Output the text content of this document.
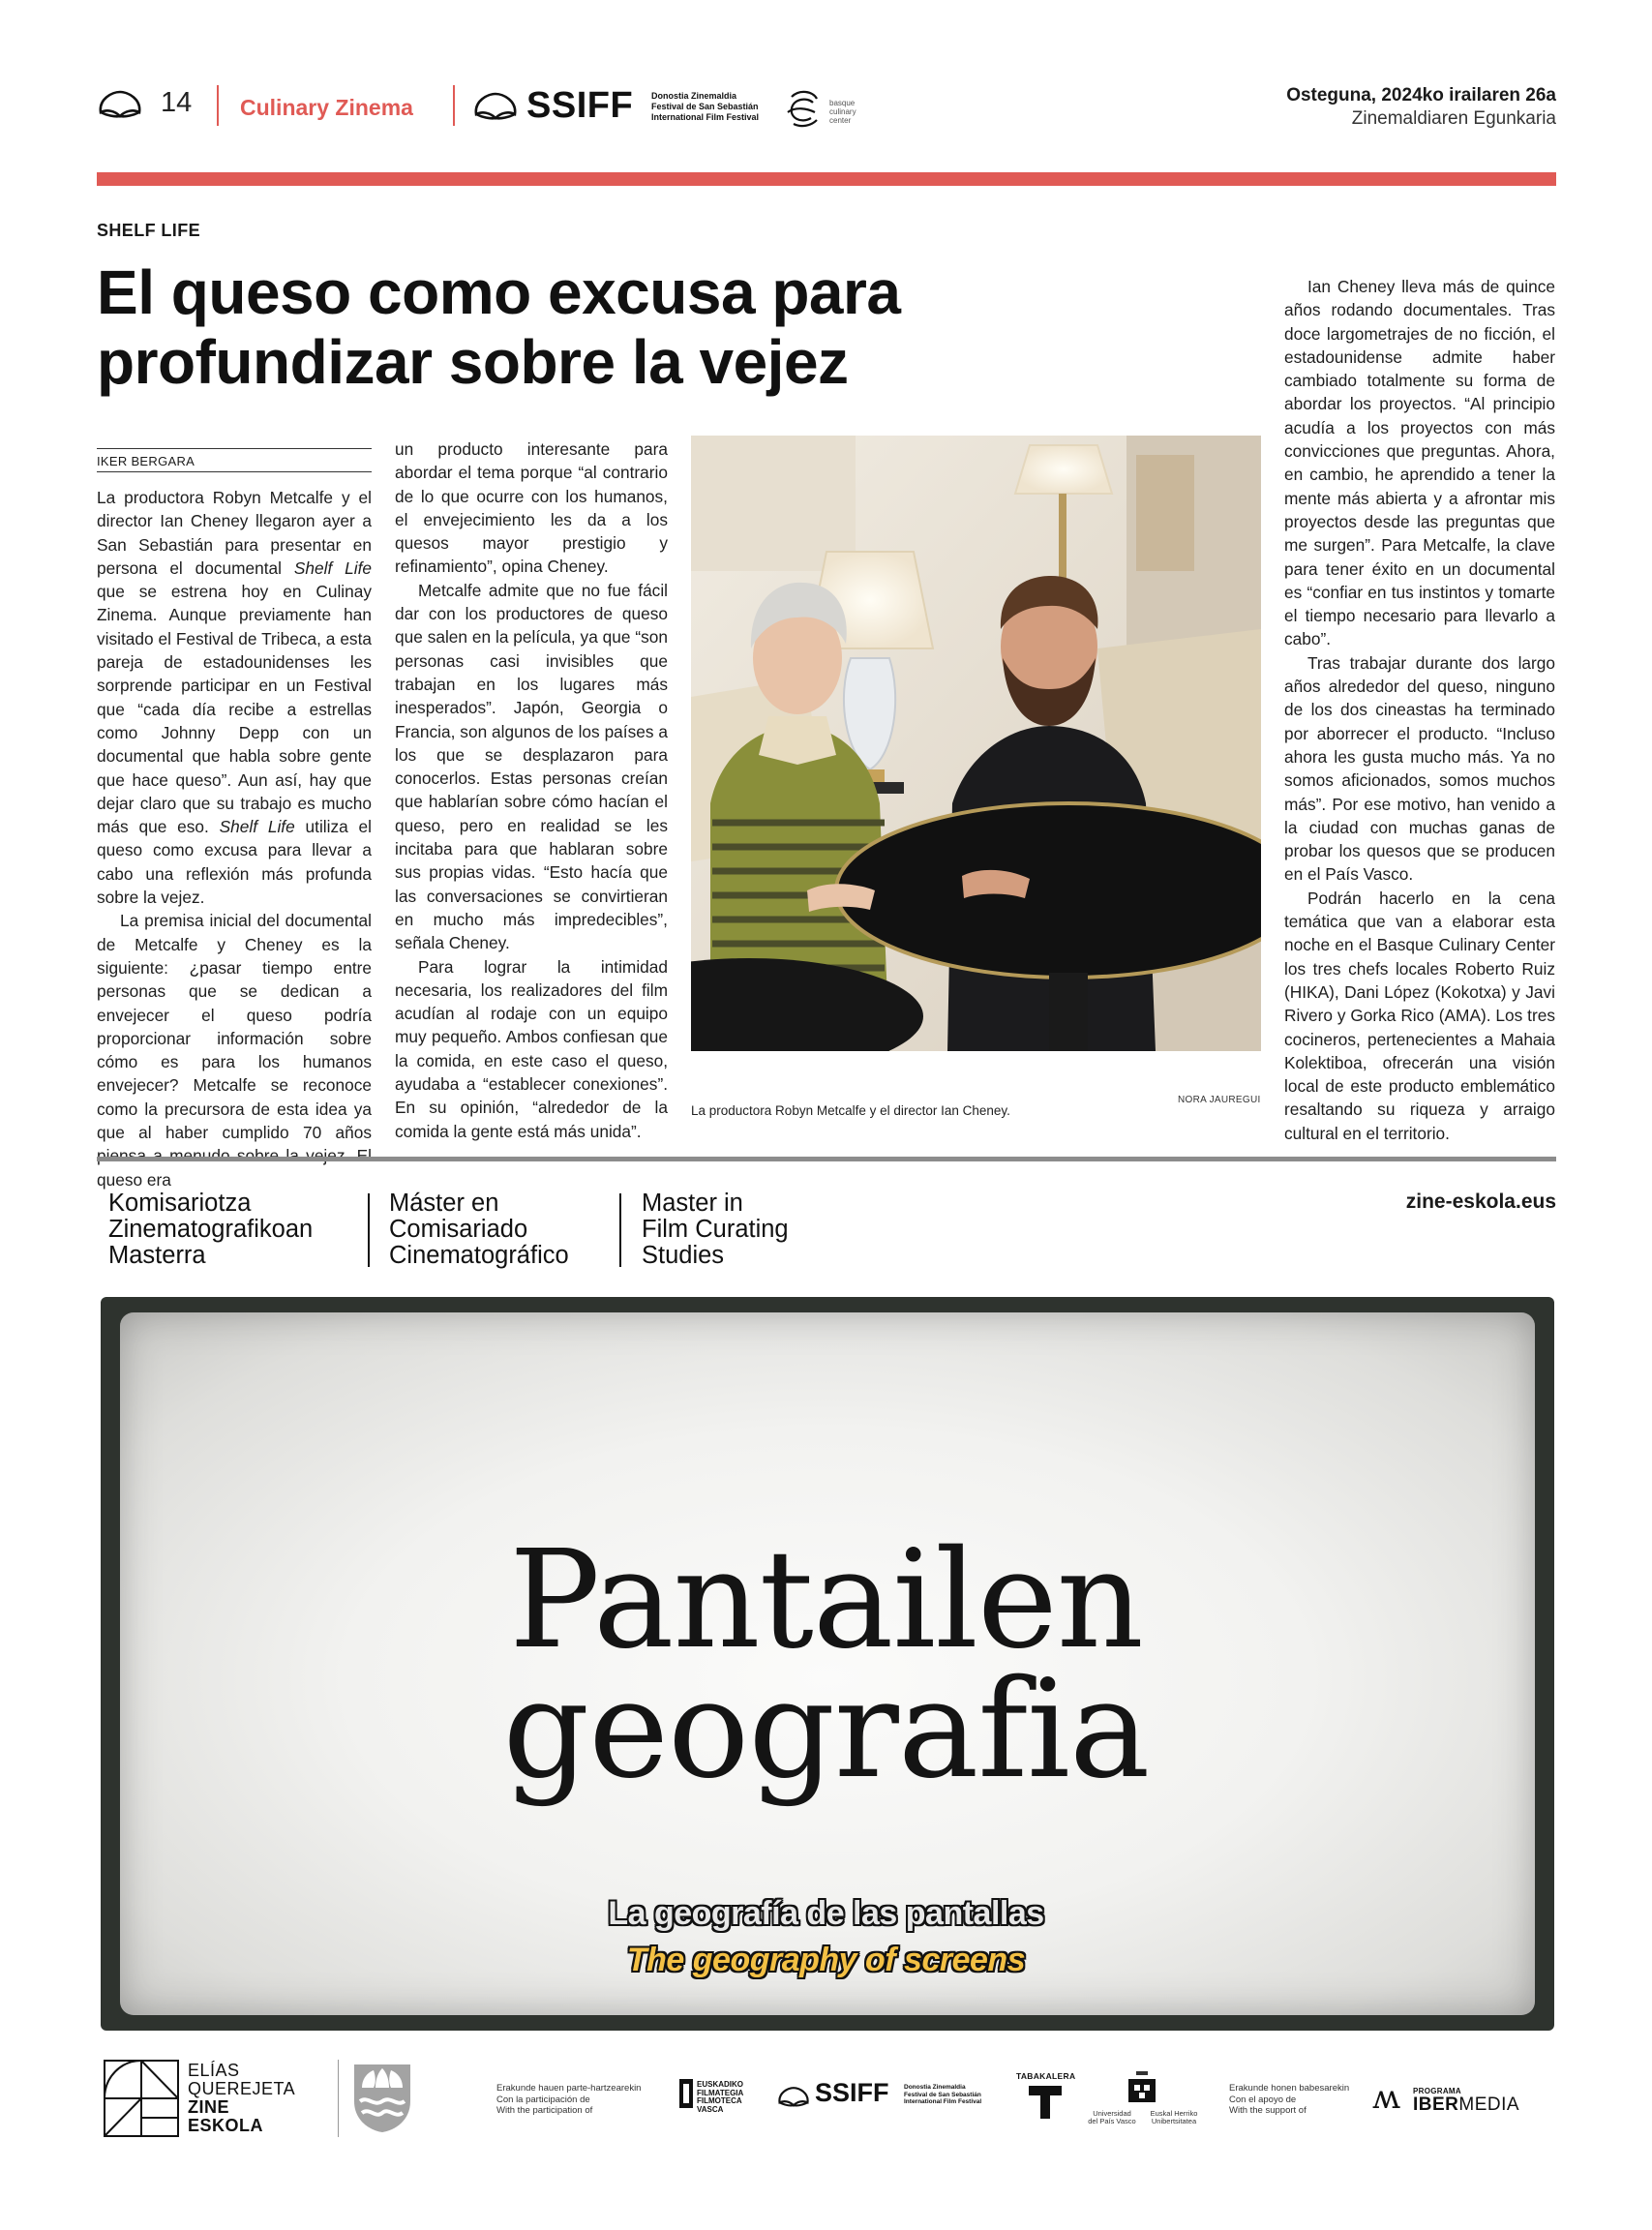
14 Culinary Zinema	SSIFF Donostia Zinemaldia
Festival de San Sebastián
International Film Festival
basque
culinary
center
Osteguna, 2024ko irailaren 26a
Zinemaldiaren Egunkaria
SHELF LIFE
El queso como excusa para profundizar sobre la vejez
IKER BERGARA

La productora Robyn Metcalfe y el director Ian Cheney llegaron ayer a San Sebastián para presentar en persona el documental Shelf Life que se estrena hoy en Culinay Zinema. Aunque previamente han visitado el Festival de Tribeca, a esta pareja de estadounidenses les sorprende participar en un Festival que “cada día recibe a estrellas como Johnny Depp con un documental que habla sobre gente que hace queso”. Aun así, hay que dejar claro que su trabajo es mucho más que eso. Shelf Life utiliza el queso como excusa para llevar a cabo una reflexión más profunda sobre la vejez.

La premisa inicial del documental de Metcalfe y Cheney es la siguiente: ¿pasar tiempo entre personas que se dedican a envejecer el queso podría proporcionar información sobre cómo es para los humanos envejecer? Metcalfe se reconoce como la precursora de esta idea ya que al haber cumplido 70 años queso era

un producto interesante para abordar el tema porque “al contrario de lo que ocurre con los humanos, el envejecimiento les da a los quesos mayor prestigio y refinamiento”, opina Cheney.

Metcalfe admite que no fue fácil dar con los productores de queso que salen en la película, ya que “son personas casi invisibles que trabajan en los lugares más inesperados”. Japón, Georgia o Francia, son algunos de los países a los que se desplazaron para conocerlos. Estas personas creían que hablarían sobre cómo hacían el queso, pero en realidad se les incitaba para que hablaran sobre sus propias vidas. “Esto hacía que las conversaciones se convirtieran en mucho más impredecibles”, señala Cheney.

Para lograr la intimidad necesaria, los realizadores del film acudían al rodaje con un equipo muy pequeño. Ambos confiesan que la comida, en este caso el queso, ayudaba a “establecer conexiones”. En su opinión, “alrededor de la comida la gente está más unida”.

La productora Robyn Metcalfe y el director Ian Cheney.
NORA JAUREGUI

Ian Cheney lleva más de quince años rodando documentales. Tras doce largometrajes de no ficción, el estadounidense admite haber cambiado totalmente su forma de abordar los proyectos. “Al principio acudía a los proyectos con más convicciones que preguntas. Ahora, en cambio, he aprendido a tener la mente más abierta y a afrontar mis proyectos desde las preguntas que me surgen”. Para Metcalfe, la clave para tener éxito en un documental es “confiar en tus instintos y tomarte el tiempo necesario para llevarlo a cabo”.

Tras trabajar durante dos largo años alrededor del queso, ninguno de los dos cineastas ha terminado por aborrecer el producto. “Incluso ahora les gusta mucho más. Ya no somos aficionados, somos muchos más”. Por ese motivo, han venido a la ciudad con muchas ganas de probar los quesos que se producen en el País Vasco.

Podrán hacerlo en la cena temática que van a elaborar esta noche en el Basque Culinary Center los tres chefs locales Roberto Ruiz (HIKA), Dani López (Kokotxa) y Javi Rivero y Gorka Rico (AMA). Los tres cocineros, pertenecientes a Mahaia Kolektiboa, ofrecerán una visión local de este producto emblemático resaltando su riqueza y arraigo cultural en el territorio.

Komisariotza
Zinematografikoan
Masterra
Máster en
Comisariado
Cinematográfico
Master in
Film Curating
Studies
zine-eskola.eus
Pantailen
geografia
La geografía de las pantallas
The geography of screens
ELÍAS
QUEREJETA
ZINE
ESKOLA
Erakunde hauen parte-hartzearekin
Con la participación de
With the participation of
EUSKADIKO
FILMATEGIA
FILMOTECA
VASCA
SSIFF Donostia Zinemaldia
Festival de San Sebastián
International Film Festival
TABAKALERA
Universidad
del País Vasco
Euskal Herriko
Unibertsitatea
Erakunde honen babesarekin
Con el apoyo de
With the support of	ʍ PROGRAMA
IBERMEDIA
